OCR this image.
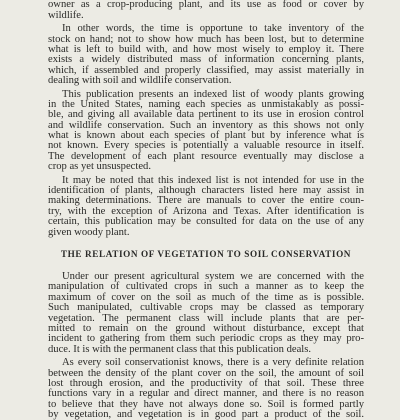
owner as a crop-producing plant, and its use as food or cover by
wildlife.
In other words, the time is opportune to take inventory of the
stock on hand; not to show how much has been lost, but to determine
what is left to build with, and how most wisely to employ it. There
exists a widely distributed mass of information concerning plants,
which, if assembled and properly classified, may assist materially in
dealing with soil and wildlife conservation.
This publication presents an indexed list of woody plants growing
in the United States, naming each species as unmistakably as possi-
ble, and giving all available data pertinent to its use in erosion control
and wildlife conservation. Such an inventory as this shows not only
what is known about each species of plant but by inference what is
not known. Every species is potentially a valuable resource in itself.
The development of each plant resource eventually may disclose a
crop as yet unsuspected.
It may be noted that this indexed list is not intended for use in the
identification of plants, although characters listed here may assist in
making determinations. There are manuals to cover the entire coun-
try, with the exception of Arizona and Texas. After identification is
certain, this publication may be consulted for data on the use of any
given woody plant.
THE RELATION OF VEGETATION TO SOIL CONSERVATION
Under our present agricultural system we are concerned with the
manipulation of cultivated crops in such a manner as to keep the
maximum of cover on the soil as much of the time as is possible.
Such manipulated, cultivable crops may be classed as temporary
vegetation. The permanent class will include plants that are per-
mitted to remain on the ground without disturbance, except that
incident to gathering from them such periodic crops as they may pro-
duce. It is with the permanent class that this publication deals.
As every soil conservationist knows, there is a very definite relation
between the density of the plant cover on the soil, the amount of soil
lost through erosion, and the productivity of that soil. These three
functions vary in a regular and direct manner, and there is no reason
to believe that they have not always done so. Soil is formed partly
by vegetation, and vegetation is in good part a product of the soil.
